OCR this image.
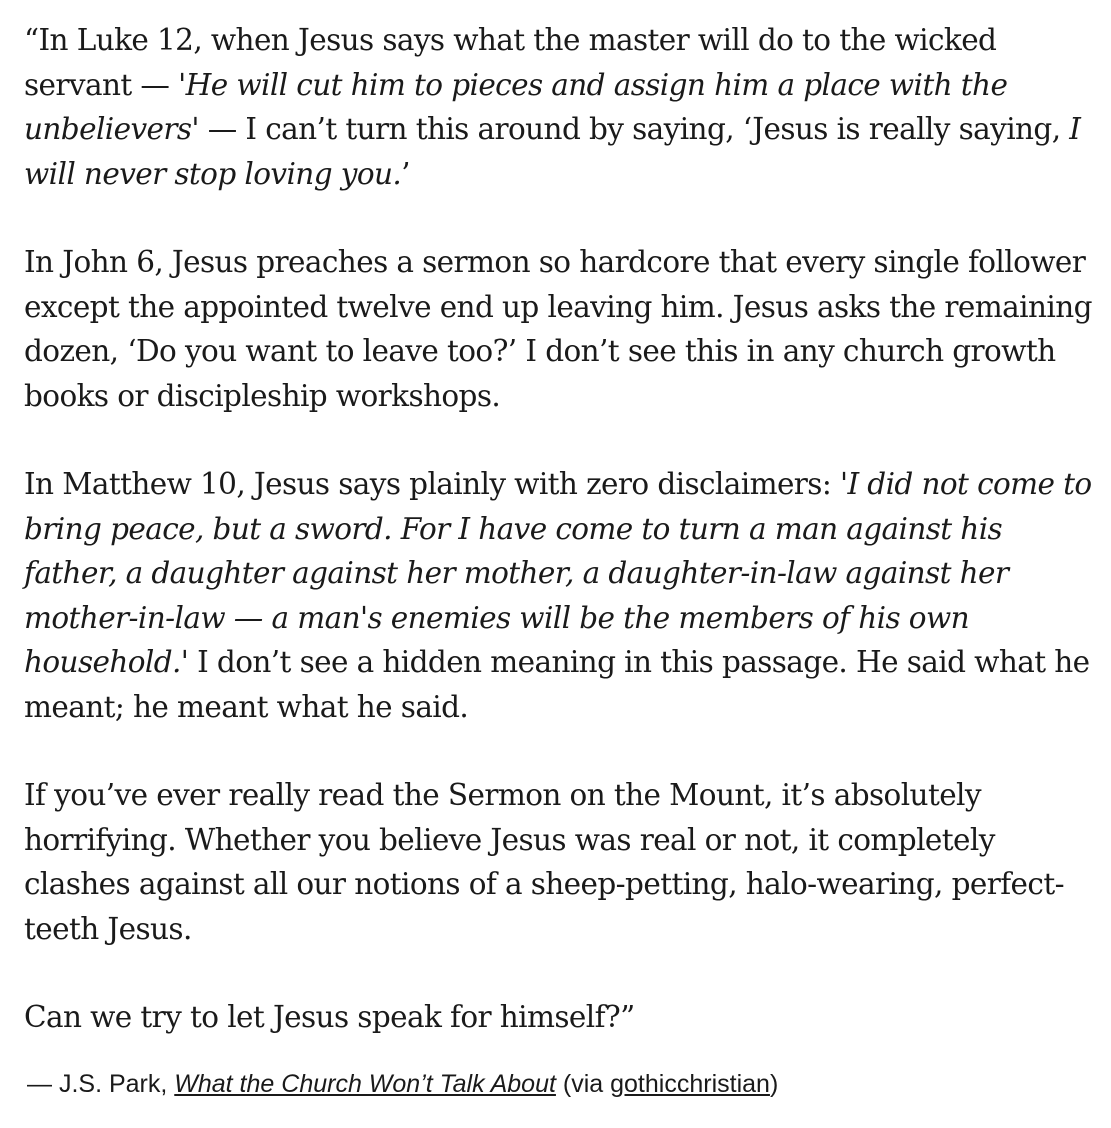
“In Luke 12, when Jesus says what the master will do to the wicked servant — 'He will cut him to pieces and assign him a place with the unbelievers' — I can’t turn this around by saying, ‘Jesus is really saying, I will never stop loving you.’

In John 6, Jesus preaches a sermon so hardcore that every single follower except the appointed twelve end up leaving him. Jesus asks the remaining dozen, ‘Do you want to leave too?’ I don’t see this in any church growth books or discipleship workshops.

In Matthew 10, Jesus says plainly with zero disclaimers: 'I did not come to bring peace, but a sword. For I have come to turn a man against his father, a daughter against her mother, a daughter-in-law against her mother-in-law — a man's enemies will be the members of his own household.' I don’t see a hidden meaning in this passage. He said what he meant; he meant what he said.

If you’ve ever really read the Sermon on the Mount, it’s absolutely horrifying. Whether you believe Jesus was real or not, it completely clashes against all our notions of a sheep-petting, halo-wearing, perfect-teeth Jesus.

Can we try to let Jesus speak for himself?”

— J.S. Park, What the Church Won’t Talk About (via gothicchristian)
